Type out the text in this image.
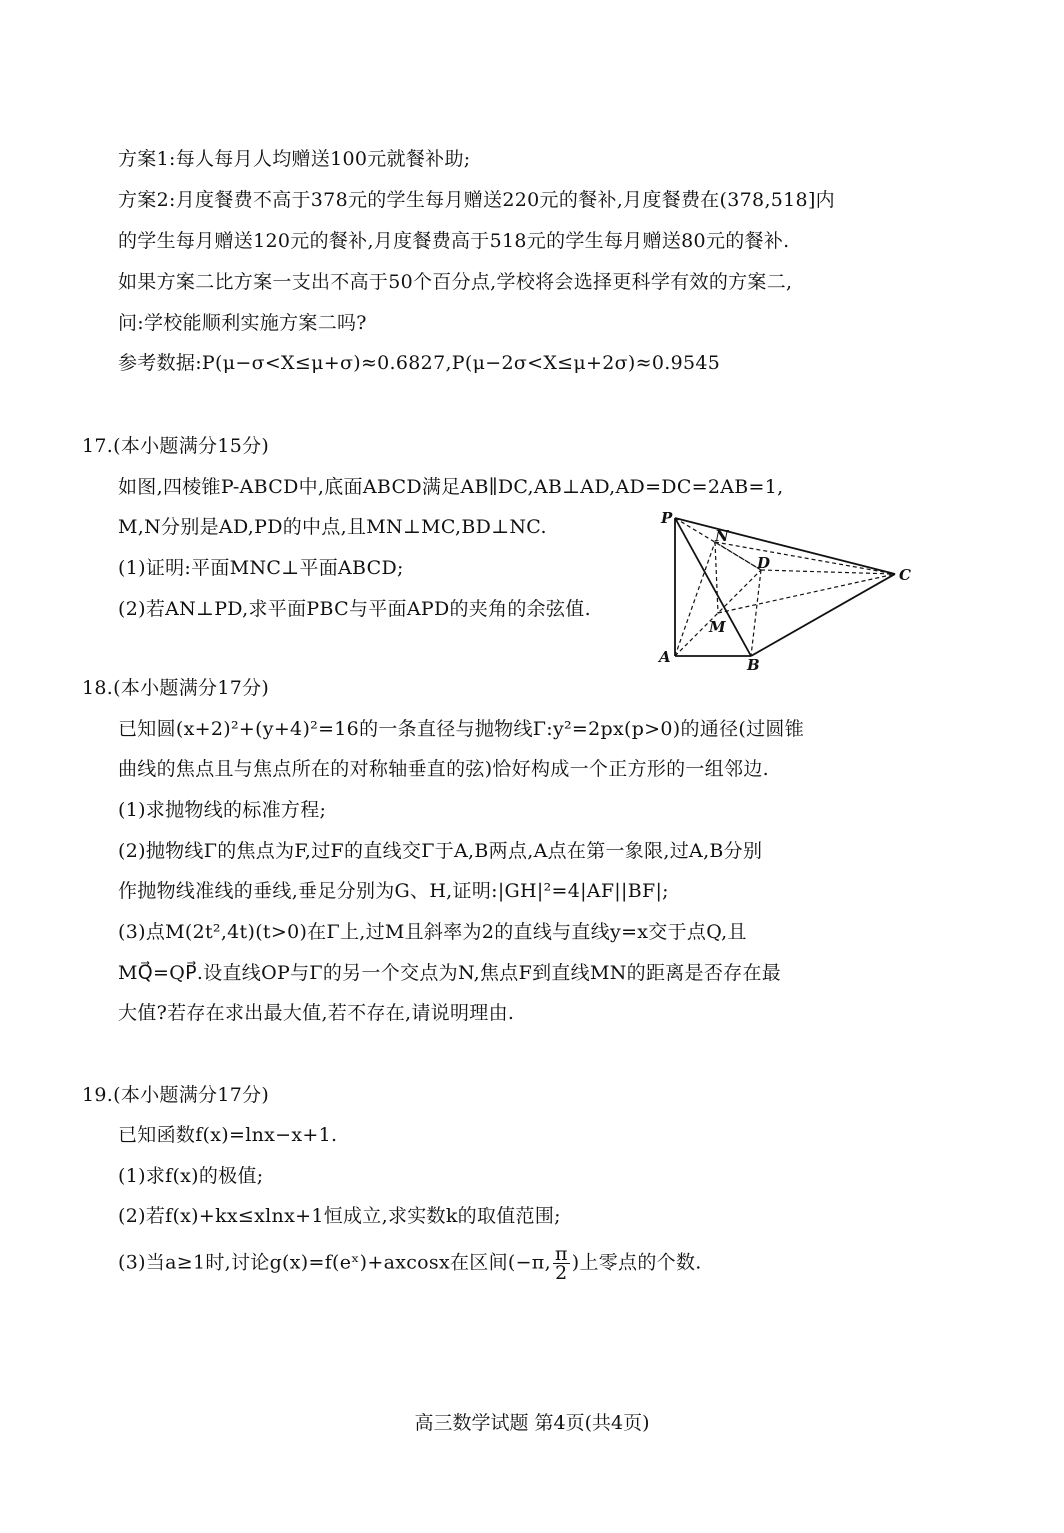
方案1:每人每月人均赠送100元就餐补助;
方案2:月度餐费不高于378元的学生每月赠送220元的餐补,月度餐费在(378,518]内
的学生每月赠送120元的餐补,月度餐费高于518元的学生每月赠送80元的餐补.
如果方案二比方案一支出不高于50个百分点,学校将会选择更科学有效的方案二,
问:学校能顺利实施方案二吗?
参考数据:P(μ−σ<X≤μ+σ)≈0.6827,P(μ−2σ<X≤μ+2σ)≈0.9545
17.(本小题满分15分)
如图,四棱锥P-ABCD中,底面ABCD满足AB∥DC,AB⊥AD,AD=DC=2AB=1,
M,N分别是AD,PD的中点,且MN⊥MC,BD⊥NC.
(1)证明:平面MNC⊥平面ABCD;
(2)若AN⊥PD,求平面PBC与平面APD的夹角的余弦值.
P
N
D
C
M
A	B
18.(本小题满分17分)
已知圆(x+2)²+(y+4)²=16的一条直径与抛物线Γ:y²=2px(p>0)的通径(过圆锥
曲线的焦点且与焦点所在的对称轴垂直的弦)恰好构成一个正方形的一组邻边.
(1)求抛物线的标准方程;
(2)抛物线Γ的焦点为F,过F的直线交Γ于A,B两点,A点在第一象限,过A,B分别
作抛物线准线的垂线,垂足分别为G、H,证明:|GH|²=4|AF||BF|;
(3)点M(2t²,4t)(t>0)在Γ上,过M且斜率为2的直线与直线y=x交于点Q,且
MQ⃗=QP⃗.设直线OP与Γ的另一个交点为N,焦点F到直线MN的距离是否存在最
大值?若存在求出最大值,若不存在,请说明理由.
19.(本小题满分17分)
已知函数f(x)=lnx−x+1.
(1)求f(x)的极值;
(2)若f(x)+kx≤xlnx+1恒成立,求实数k的取值范围;
(3)当a≥1时,讨论g(x)=f(eˣ)+axcosx在区间(−π, $\frac{\pi}{2}$ )上零点的个数.
高三数学试题 第4页(共4页)
